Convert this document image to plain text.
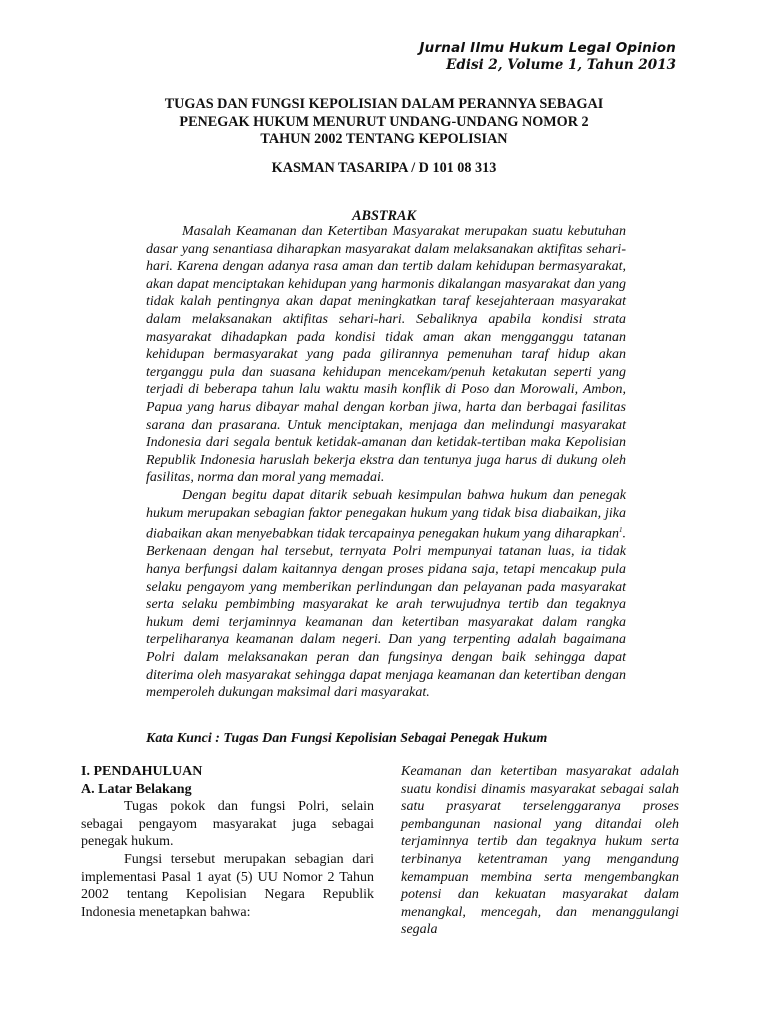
Jurnal Ilmu Hukum Legal Opinion
Edisi 2, Volume 1, Tahun 2013
TUGAS DAN FUNGSI KEPOLISIAN DALAM PERANNYA SEBAGAI
PENEGAK HUKUM MENURUT UNDANG-UNDANG NOMOR 2
TAHUN 2002 TENTANG KEPOLISIAN
KASMAN TASARIPA / D 101 08 313
ABSTRAK

Masalah Keamanan dan Ketertiban Masyarakat merupakan suatu kebutuhan dasar yang senantiasa diharapkan masyarakat dalam melaksanakan aktifitas sehari-hari. Karena dengan adanya rasa aman dan tertib dalam kehidupan bermasyarakat, akan dapat menciptakan kehidupan yang harmonis dikalangan masyarakat dan yang tidak kalah pentingnya akan dapat meningkatkan taraf kesejahteraan masyarakat dalam melaksanakan aktifitas sehari-hari. Sebaliknya apabila kondisi strata masyarakat dihadapkan pada kondisi tidak aman akan mengganggu tatanan kehidupan bermasyarakat yang pada gilirannya pemenuhan taraf hidup akan terganggu pula dan suasana kehidupan mencekam/penuh ketakutan seperti yang terjadi di beberapa tahun lalu waktu masih konflik di Poso dan Morowali, Ambon, Papua yang harus dibayar mahal dengan korban jiwa, harta dan berbagai fasilitas sarana dan prasarana. Untuk menciptakan, menjaga dan melindungi masyarakat Indonesia dari segala bentuk ketidak-amanan dan ketidak-tertiban maka Kepolisian Republik Indonesia haruslah bekerja ekstra dan tentunya juga harus di dukung oleh fasilitas, norma dan moral yang memadai.

Dengan begitu dapat ditarik sebuah kesimpulan bahwa hukum dan penegak hukum merupakan sebagian faktor penegakan hukum yang tidak bisa diabaikan, jika diabaikan akan menyebabkan tidak tercapainya penegakan hukum yang diharapkan$^1$. Berkenaan dengan hal tersebut, ternyata Polri mempunyai tatanan luas, ia tidak hanya berfungsi dalam kaitannya dengan proses pidana saja, tetapi mencakup pula selaku pengayom yang memberikan perlindungan dan pelayanan pada masyarakat serta selaku pembimbing masyarakat ke arah terwujudnya tertib dan tegaknya hukum demi terjaminnya keamanan dan ketertiban masyarakat dalam rangka terpeliharanya keamanan dalam negeri. Dan yang terpenting adalah bagaimana Polri dalam melaksanakan peran dan fungsinya dengan baik sehingga dapat diterima oleh masyarakat sehingga dapat menjaga keamanan dan ketertiban dengan memperoleh dukungan maksimal dari masyarakat.

Kata Kunci : Tugas Dan Fungsi Kepolisian Sebagai Penegak Hukum
I. PENDAHULUAN
A. Latar Belakang

Tugas pokok dan fungsi Polri, selain sebagai pengayom masyarakat juga sebagai penegak hukum.

Fungsi tersebut merupakan sebagian dari implementasi Pasal 1 ayat (5) UU Nomor 2 Tahun 2002 tentang Kepolisian Negara Republik Indonesia menetapkan bahwa:

Keamanan dan ketertiban masyarakat adalah suatu kondisi dinamis masyarakat sebagai salah satu prasyarat terselenggaranya proses pembangunan nasional yang ditandai oleh terjaminnya tertib dan tegaknya hukum serta terbinanya ketentraman yang mengandung kemampuan membina serta mengembangkan potensi dan kekuatan masyarakat dalam menangkal, mencegah, dan menanggulangi segala
